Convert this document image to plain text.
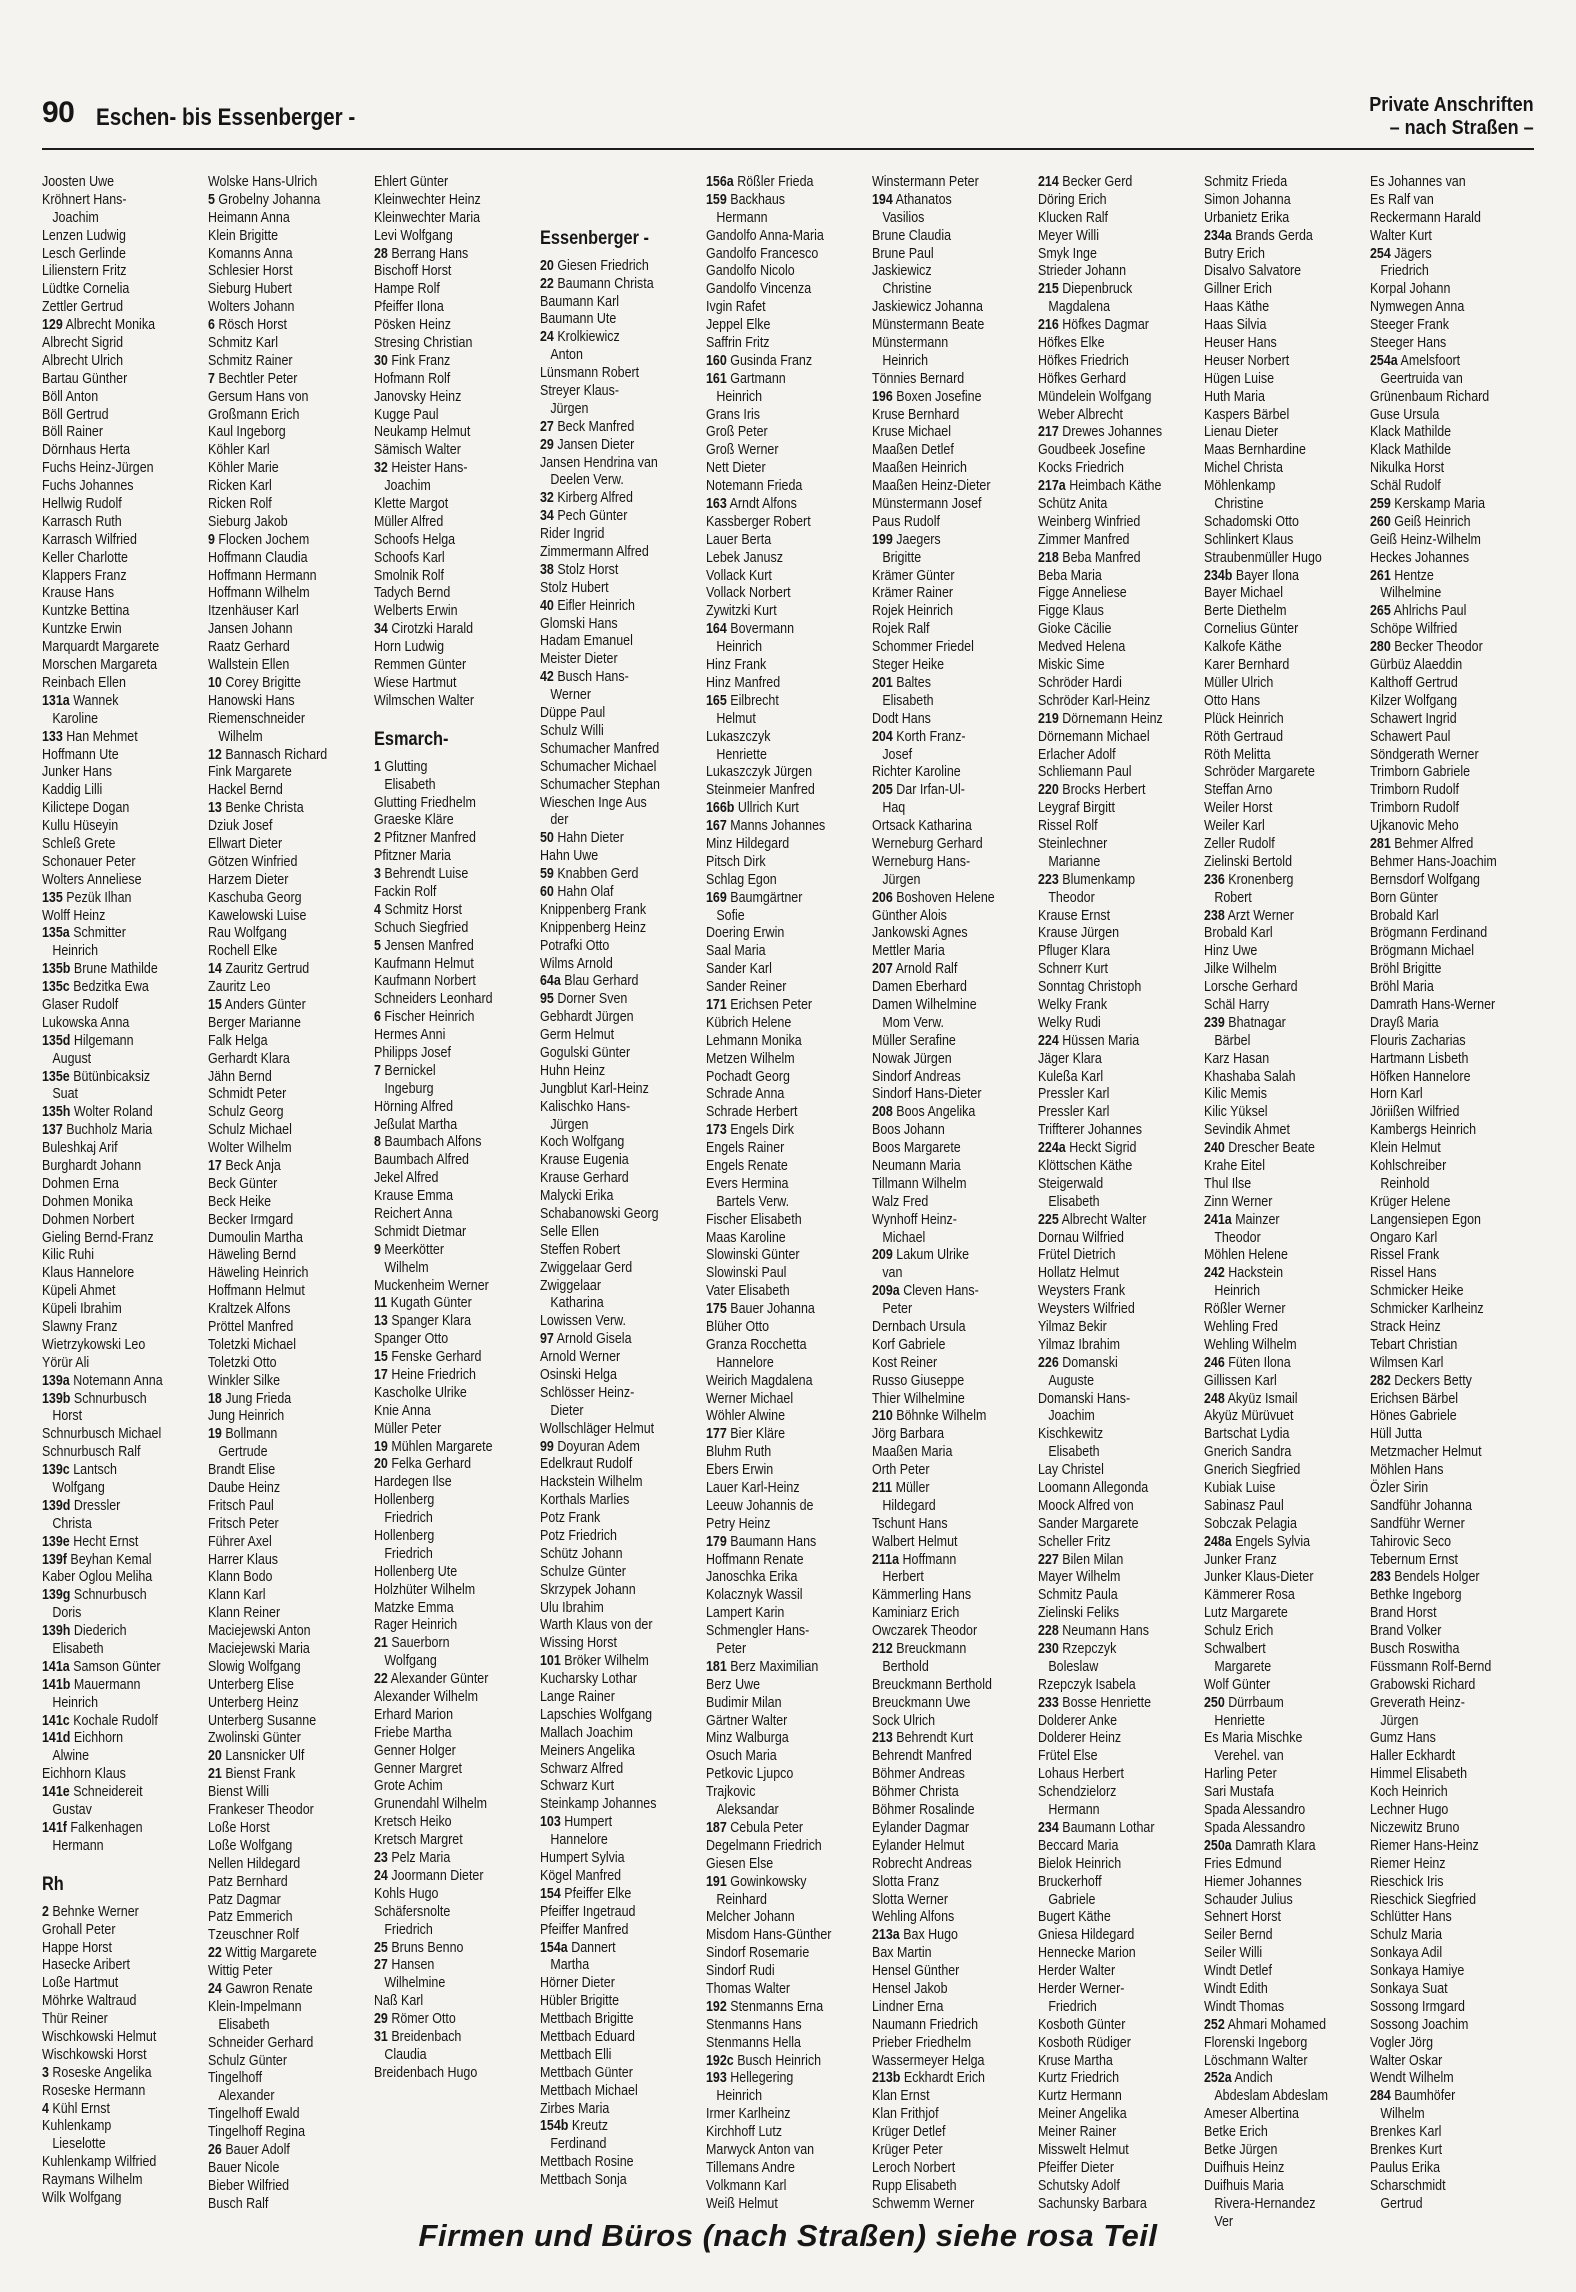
90 Eschen- bis Essenberger -	Private Anschriften
– nach Straßen –
Joosten Uwe
Kröhnert Hans-
Joachim
Lenzen Ludwig
Lesch Gerlinde
Lilienstern Fritz
Lüdtke Cornelia
Zettler Gertrud
129 Albrecht Monika
Albrecht Sigrid
Albrecht Ulrich
Bartau Günther
Böll Anton
Böll Gertrud
Böll Rainer
Dörnhaus Herta
Fuchs Heinz-Jürgen
Fuchs Johannes
Hellwig Rudolf
Karrasch Ruth
Karrasch Wilfried
Keller Charlotte
Klappers Franz
Krause Hans
Kuntzke Bettina
Kuntzke Erwin
Marquardt Margarete
Morschen Margareta
Reinbach Ellen
131a Wannek
Karoline
133 Han Mehmet
Hoffmann Ute
Junker Hans
Kaddig Lilli
Kilictepe Dogan
Kullu Hüseyin
Schleß Grete
Schonauer Peter
Wolters Anneliese
135 Pezük Ilhan
Wolff Heinz
135a Schmitter
Heinrich
135b Brune Mathilde
135c Bedzitka Ewa
Glaser Rudolf
Lukowska Anna
135d Hilgemann
August
135e Bütünbicaksiz
Suat
135h Wolter Roland
137 Buchholz Maria
Buleshkaj Arif
Burghardt Johann
Dohmen Erna
Dohmen Monika
Dohmen Norbert
Gieling Bernd-Franz
Kilic Ruhi
Klaus Hannelore
Küpeli Ahmet
Küpeli Ibrahim
Slawny Franz
Wietrzykowski Leo
Yörür Ali
139a Notemann Anna
139b Schnurbusch
Horst
Schnurbusch Michael
Schnurbusch Ralf
139c Lantsch
Wolfgang
139d Dressler
Christa
139e Hecht Ernst
139f Beyhan Kemal
Kaber Oglou Meliha
139g Schnurbusch
Doris
139h Diederich
Elisabeth
141a Samson Günter
141b Mauermann
Heinrich
141c Kochale Rudolf
141d Eichhorn
Alwine
Eichhorn Klaus
141e Schneidereit
Gustav
141f Falkenhagen
Hermann
Rh
2 Behnke Werner
Grohall Peter
Happe Horst
Hasecke Aribert
Loße Hartmut
Möhrke Waltraud
Thür Reiner
Wischkowski Helmut
Wischkowski Horst
3 Roseske Angelika
Roseske Hermann
4 Kühl Ernst
Kuhlenkamp
Lieselotte
Kuhlenkamp Wilfried
Raymans Wilhelm
Wilk Wolfgang
Wolske Hans-Ulrich
5 Grobelny Johanna
Heimann Anna
Klein Brigitte
Komanns Anna
Schlesier Horst
Sieburg Hubert
Wolters Johann
6 Rösch Horst
Schmitz Karl
Schmitz Rainer
7 Bechtler Peter
Gersum Hans von
Großmann Erich
Kaul Ingeborg
Köhler Karl
Köhler Marie
Ricken Karl
Ricken Rolf
Sieburg Jakob
9 Flocken Jochem
Hoffmann Claudia
Hoffmann Hermann
Hoffmann Wilhelm
Itzenhäuser Karl
Jansen Johann
Raatz Gerhard
Wallstein Ellen
10 Corey Brigitte
Hanowski Hans
Riemenschneider
Wilhelm
12 Bannasch Richard
Fink Margarete
Hackel Bernd
13 Benke Christa
Dziuk Josef
Ellwart Dieter
Götzen Winfried
Harzem Dieter
Kaschuba Georg
Kawelowski Luise
Rau Wolfgang
Rochell Elke
14 Zauritz Gertrud
Zauritz Leo
15 Anders Günter
Berger Marianne
Falk Helga
Gerhardt Klara
Jähn Bernd
Schmidt Peter
Schulz Georg
Schulz Michael
Wolter Wilhelm
17 Beck Anja
Beck Günter
Beck Heike
Becker Irmgard
Dumoulin Martha
Häweling Bernd
Häweling Heinrich
Hoffmann Helmut
Kraltzek Alfons
Pröttel Manfred
Toletzki Michael
Toletzki Otto
Winkler Silke
18 Jung Frieda
Jung Heinrich
19 Bollmann
Gertrude
Brandt Elise
Daube Heinz
Fritsch Paul
Fritsch Peter
Führer Axel
Harrer Klaus
Klann Bodo
Klann Karl
Klann Reiner
Maciejewski Anton
Maciejewski Maria
Slowig Wolfgang
Unterberg Elise
Unterberg Heinz
Unterberg Susanne
Zwolinski Günter
20 Lansnicker Ulf
21 Bienst Frank
Bienst Willi
Frankeser Theodor
Loße Horst
Loße Wolfgang
Nellen Hildegard
Patz Bernhard
Patz Dagmar
Patz Emmerich
Tzeuschner Rolf
22 Wittig Margarete
Wittig Peter
24 Gawron Renate
Klein-Impelmann
Elisabeth
Schneider Gerhard
Schulz Günter
Tingelhoff
Alexander
Tingelhoff Ewald
Tingelhoff Regina
26 Bauer Adolf
Bauer Nicole
Bieber Wilfried
Busch Ralf
Ehlert Günter
Kleinwechter Heinz
Kleinwechter Maria
Levi Wolfgang
28 Berrang Hans
Bischoff Horst
Hampe Rolf
Pfeiffer Ilona
Pösken Heinz
Stresing Christian
30 Fink Franz
Hofmann Rolf
Janovsky Heinz
Kugge Paul
Neukamp Helmut
Sämisch Walter
32 Heister Hans-
Joachim
Klette Margot
Müller Alfred
Schoofs Helga
Schoofs Karl
Smolnik Rolf
Tadych Bernd
Welberts Erwin
34 Cirotzki Harald
Horn Ludwig
Remmen Günter
Wiese Hartmut
Wilmschen Walter
Esmarch-
1 Glutting
Elisabeth
Glutting Friedhelm
Graeske Kläre
2 Pfitzner Manfred
Pfitzner Maria
3 Behrendt Luise
Fackin Rolf
4 Schmitz Horst
Schuch Siegfried
5 Jensen Manfred
Kaufmann Helmut
Kaufmann Norbert
Schneiders Leonhard
6 Fischer Heinrich
Hermes Anni
Philipps Josef
7 Bernickel
Ingeburg
Hörning Alfred
Jeßulat Martha
8 Baumbach Alfons
Baumbach Alfred
Jekel Alfred
Krause Emma
Reichert Anna
Schmidt Dietmar
9 Meerkötter
Wilhelm
Muckenheim Werner
11 Kugath Günter
13 Spanger Klara
Spanger Otto
15 Fenske Gerhard
17 Heine Friedrich
Kascholke Ulrike
Knie Anna
Müller Peter
19 Mühlen Margarete
20 Felka Gerhard
Hardegen Ilse
Hollenberg
Friedrich
Hollenberg
Friedrich
Hollenberg Ute
Holzhüter Wilhelm
Matzke Emma
Rager Heinrich
21 Sauerborn
Wolfgang
22 Alexander Günter
Alexander Wilhelm
Erhard Marion
Friebe Martha
Genner Holger
Genner Margret
Grote Achim
Grunendahl Wilhelm
Kretsch Heiko
Kretsch Margret
23 Pelz Maria
24 Joormann Dieter
Kohls Hugo
Schäfersnolte
Friedrich
25 Bruns Benno
27 Hansen
Wilhelmine
Naß Karl
29 Römer Otto
31 Breidenbach
Claudia
Breidenbach Hugo
Essenberger -
20 Giesen Friedrich
22 Baumann Christa
Baumann Karl
Baumann Ute
24 Krolkiewicz
Anton
Lünsmann Robert
Streyer Klaus-
Jürgen
27 Beck Manfred
29 Jansen Dieter
Jansen Hendrina van
Deelen Verw.
32 Kirberg Alfred
34 Pech Günter
Rider Ingrid
Zimmermann Alfred
38 Stolz Horst
Stolz Hubert
40 Eifler Heinrich
Glomski Hans
Hadam Emanuel
Meister Dieter
42 Busch Hans-
Werner
Düppe Paul
Schulz Willi
Schumacher Manfred
Schumacher Michael
Schumacher Stephan
Wieschen Inge Aus
der
50 Hahn Dieter
Hahn Uwe
59 Knabben Gerd
60 Hahn Olaf
Knippenberg Frank
Knippenberg Heinz
Potrafki Otto
Wilms Arnold
64a Blau Gerhard
95 Dorner Sven
Gebhardt Jürgen
Germ Helmut
Gogulski Günter
Huhn Heinz
Jungblut Karl-Heinz
Kalischko Hans-
Jürgen
Koch Wolfgang
Krause Eugenia
Krause Gerhard
Malycki Erika
Schabanowski Georg
Selle Ellen
Steffen Robert
Zwiggelaar Gerd
Zwiggelaar
Katharina
Lowissen Verw.
97 Arnold Gisela
Arnold Werner
Osinski Helga
Schlösser Heinz-
Dieter
Wollschläger Helmut
99 Doyuran Adem
Edelkraut Rudolf
Hackstein Wilhelm
Korthals Marlies
Potz Frank
Potz Friedrich
Schütz Johann
Schulze Günter
Skrzypek Johann
Ulu Ibrahim
Warth Klaus von der
Wissing Horst
101 Bröker Wilhelm
Kucharsky Lothar
Lange Rainer
Lapschies Wolfgang
Mallach Joachim
Meiners Angelika
Schwarz Alfred
Schwarz Kurt
Steinkamp Johannes
103 Humpert
Hannelore
Humpert Sylvia
Kögel Manfred
154 Pfeiffer Elke
Pfeiffer Ingetraud
Pfeiffer Manfred
154a Dannert
Martha
Hörner Dieter
Hübler Brigitte
Mettbach Brigitte
Mettbach Eduard
Mettbach Elli
Mettbach Günter
Mettbach Michael
Zirbes Maria
154b Kreutz
Ferdinand
Mettbach Rosine
Mettbach Sonja
156a Rößler Frieda
159 Backhaus
Hermann
Gandolfo Anna-Maria
Gandolfo Francesco
Gandolfo Nicolo
Gandolfo Vincenza
Ivgin Rafet
Jeppel Elke
Saffrin Fritz
160 Gusinda Franz
161 Gartmann
Heinrich
Grans Iris
Groß Peter
Groß Werner
Nett Dieter
Notemann Frieda
163 Arndt Alfons
Kassberger Robert
Lauer Berta
Lebek Janusz
Vollack Kurt
Vollack Norbert
Zywitzki Kurt
164 Bovermann
Heinrich
Hinz Frank
Hinz Manfred
165 Eilbrecht
Helmut
Lukaszczyk
Henriette
Lukaszczyk Jürgen
Steinmeier Manfred
166b Ullrich Kurt
167 Manns Johannes
Minz Hildegard
Pitsch Dirk
Schlag Egon
169 Baumgärtner
Sofie
Doering Erwin
Saal Maria
Sander Karl
Sander Reiner
171 Erichsen Peter
Kübrich Helene
Lehmann Monika
Metzen Wilhelm
Pochadt Georg
Schrade Anna
Schrade Herbert
173 Engels Dirk
Engels Rainer
Engels Renate
Evers Hermina
Bartels Verw.
Fischer Elisabeth
Maas Karoline
Slowinski Günter
Slowinski Paul
Vater Elisabeth
175 Bauer Johanna
Blüher Otto
Granza Rocchetta
Hannelore
Weirich Magdalena
Werner Michael
Wöhler Alwine
177 Bier Kläre
Bluhm Ruth
Ebers Erwin
Lauer Karl-Heinz
Leeuw Johannis de
Petry Heinz
179 Baumann Hans
Hoffmann Renate
Janoschka Erika
Kolacznyk Wassil
Lampert Karin
Schmengler Hans-
Peter
181 Berz Maximilian
Berz Uwe
Budimir Milan
Gärtner Walter
Minz Walburga
Osuch Maria
Petkovic Ljupco
Trajkovic
Aleksandar
187 Cebula Peter
Degelmann Friedrich
Giesen Else
191 Gowinkowsky
Reinhard
Melcher Johann
Misdom Hans-Günther
Sindorf Rosemarie
Sindorf Rudi
Thomas Walter
192 Stenmanns Erna
Stenmanns Hans
Stenmanns Hella
192c Busch Heinrich
193 Hellegering
Heinrich
Irmer Karlheinz
Kirchhoff Lutz
Marwyck Anton van
Tillemans Andre
Volkmann Karl
Weiß Helmut
Winstermann Peter
194 Athanatos
Vasilios
Brune Claudia
Brune Paul
Jaskiewicz
Christine
Jaskiewicz Johanna
Münstermann Beate
Münstermann
Heinrich
Tönnies Bernard
196 Boxen Josefine
Kruse Bernhard
Kruse Michael
Maaßen Detlef
Maaßen Heinrich
Maaßen Heinz-Dieter
Münstermann Josef
Paus Rudolf
199 Jaegers
Brigitte
Krämer Günter
Krämer Rainer
Rojek Heinrich
Rojek Ralf
Schommer Friedel
Steger Heike
201 Baltes
Elisabeth
Dodt Hans
204 Korth Franz-
Josef
Richter Karoline
205 Dar Irfan-Ul-
Haq
Ortsack Katharina
Werneburg Gerhard
Werneburg Hans-
Jürgen
206 Boshoven Helene
Günther Alois
Jankowski Agnes
Mettler Maria
207 Arnold Ralf
Damen Eberhard
Damen Wilhelmine
Mom Verw.
Müller Serafine
Nowak Jürgen
Sindorf Andreas
Sindorf Hans-Dieter
208 Boos Angelika
Boos Johann
Boos Margarete
Neumann Maria
Tillmann Wilhelm
Walz Fred
Wynhoff Heinz-
Michael
209 Lakum Ulrike
van
209a Cleven Hans-
Peter
Dernbach Ursula
Korf Gabriele
Kost Reiner
Russo Giuseppe
Thier Wilhelmine
210 Böhnke Wilhelm
Jörg Barbara
Maaßen Maria
Orth Peter
211 Müller
Hildegard
Tschunt Hans
Walbert Helmut
211a Hoffmann
Herbert
Kämmerling Hans
Kaminiarz Erich
Owczarek Theodor
212 Breuckmann
Berthold
Breuckmann Berthold
Breuckmann Uwe
Sock Ulrich
213 Behrendt Kurt
Behrendt Manfred
Böhmer Andreas
Böhmer Christa
Böhmer Rosalinde
Eylander Dagmar
Eylander Helmut
Robrecht Andreas
Slotta Franz
Slotta Werner
Wehling Alfons
213a Bax Hugo
Bax Martin
Hensel Günther
Hensel Jakob
Lindner Erna
Naumann Friedrich
Prieber Friedhelm
Wassermeyer Helga
213b Eckhardt Erich
Klan Ernst
Klan Frithjof
Krüger Detlef
Krüger Peter
Leroch Norbert
Rupp Elisabeth
Schwemm Werner
214 Becker Gerd
Döring Erich
Klucken Ralf
Meyer Willi
Smyk Inge
Strieder Johann
215 Diepenbruck
Magdalena
216 Höfkes Dagmar
Höfkes Elke
Höfkes Friedrich
Höfkes Gerhard
Mündelein Wolfgang
Weber Albrecht
217 Drewes Johannes
Goudbeek Josefine
Kocks Friedrich
217a Heimbach Käthe
Schütz Anita
Weinberg Winfried
Zimmer Manfred
218 Beba Manfred
Beba Maria
Figge Anneliese
Figge Klaus
Gioke Cäcilie
Medved Helena
Miskic Sime
Schröder Hardi
Schröder Karl-Heinz
219 Dörnemann Heinz
Dörnemann Michael
Erlacher Adolf
Schliemann Paul
220 Brocks Herbert
Leygraf Birgitt
Rissel Rolf
Steinlechner
Marianne
223 Blumenkamp
Theodor
Krause Ernst
Krause Jürgen
Pfluger Klara
Schnerr Kurt
Sonntag Christoph
Welky Frank
Welky Rudi
224 Hüssen Maria
Jäger Klara
Kuleßa Karl
Pressler Karl
Pressler Karl
Triffterer Johannes
224a Heckt Sigrid
Klöttschen Käthe
Steigerwald
Elisabeth
225 Albrecht Walter
Dornau Wilfried
Frütel Dietrich
Hollatz Helmut
Weysters Frank
Weysters Wilfried
Yilmaz Bekir
Yilmaz Ibrahim
226 Domanski
Auguste
Domanski Hans-
Joachim
Kischkewitz
Elisabeth
Lay Christel
Loomann Allegonda
Moock Alfred von
Sander Margarete
Scheller Fritz
227 Bilen Milan
Mayer Wilhelm
Schmitz Paula
Zielinski Feliks
228 Neumann Hans
230 Rzepczyk
Boleslaw
Rzepczyk Isabela
233 Bosse Henriette
Dolderer Anke
Dolderer Heinz
Frütel Else
Lohaus Herbert
Schendzielorz
Hermann
234 Baumann Lothar
Beccard Maria
Bielok Heinrich
Bruckerhoff
Gabriele
Bugert Käthe
Gniesa Hildegard
Hennecke Marion
Herder Walter
Herder Werner-
Friedrich
Kosboth Günter
Kosboth Rüdiger
Kruse Martha
Kurtz Friedrich
Kurtz Hermann
Meiner Angelika
Meiner Rainer
Misswelt Helmut
Pfeiffer Dieter
Schutsky Adolf
Sachunsky Barbara
Schmitz Frieda
Simon Johanna
Urbanietz Erika
234a Brands Gerda
Butry Erich
Disalvo Salvatore
Gillner Erich
Haas Käthe
Haas Silvia
Heuser Hans
Heuser Norbert
Hügen Luise
Huth Maria
Kaspers Bärbel
Lienau Dieter
Maas Bernhardine
Michel Christa
Möhlenkamp
Christine
Schadomski Otto
Schlinkert Klaus
Straubenmüller Hugo
234b Bayer Ilona
Bayer Michael
Berte Diethelm
Cornelius Günter
Kalkofe Käthe
Karer Bernhard
Müller Ulrich
Otto Hans
Plück Heinrich
Röth Gertraud
Röth Melitta
Schröder Margarete
Steffan Arno
Weiler Horst
Weiler Karl
Zeller Rudolf
Zielinski Bertold
236 Kronenberg
Robert
238 Arzt Werner
Brobald Karl
Hinz Uwe
Jilke Wilhelm
Lorsche Gerhard
Schäl Harry
239 Bhatnagar
Bärbel
Karz Hasan
Khashaba Salah
Kilic Memis
Kilic Yüksel
Sevindik Ahmet
240 Drescher Beate
Krahe Eitel
Thul Ilse
Zinn Werner
241a Mainzer
Theodor
Möhlen Helene
242 Hackstein
Heinrich
Rößler Werner
Wehling Fred
Wehling Wilhelm
246 Füten Ilona
Gillissen Karl
248 Akyüz Ismail
Akyüz Mürüvuet
Bartschat Lydia
Gnerich Sandra
Gnerich Siegfried
Kubiak Luise
Sabinasz Paul
Sobczak Pelagia
248a Engels Sylvia
Junker Franz
Junker Klaus-Dieter
Kämmerer Rosa
Lutz Margarete
Schulz Erich
Schwalbert
Margarete
Wolf Günter
250 Dürrbaum
Henriette
Es Maria Mischke
Verehel. van
Harling Peter
Sari Mustafa
Spada Alessandro
Spada Alessandro
250a Damrath Klara
Fries Edmund
Hiemer Johannes
Schauder Julius
Sehnert Horst
Seiler Bernd
Seiler Willi
Windt Detlef
Windt Edith
Windt Thomas
252 Ahmari Mohamed
Florenski Ingeborg
Löschmann Walter
252a Andich
Abdeslam Abdeslam
Ameser Albertina
Betke Erich
Betke Jürgen
Duifhuis Heinz
Duifhuis Maria
Rivera-Hernandez
Ver
Es Johannes van
Es Ralf van
Reckermann Harald
Walter Kurt
254 Jägers
Friedrich
Korpal Johann
Nymwegen Anna
Steeger Frank
Steeger Hans
254a Amelsfoort
Geertruida van
Grünenbaum Richard
Guse Ursula
Klack Mathilde
Klack Mathilde
Nikulka Horst
Schäl Rudolf
259 Kerskamp Maria
260 Geiß Heinrich
Geiß Heinz-Wilhelm
Heckes Johannes
261 Hentze
Wilhelmine
265 Ahlrichs Paul
Schöpe Wilfried
280 Becker Theodor
Gürbüz Alaeddin
Kalthoff Gertrud
Kilzer Wolfgang
Schawert Ingrid
Schawert Paul
Söndgerath Werner
Trimborn Gabriele
Trimborn Rudolf
Trimborn Rudolf
Ujkanovic Meho
281 Behmer Alfred
Behmer Hans-Joachim
Bernsdorf Wolfgang
Born Günter
Brobald Karl
Brögmann Ferdinand
Brögmann Michael
Bröhl Brigitte
Bröhl Maria
Damrath Hans-Werner
Drayß Maria
Flouris Zacharias
Hartmann Lisbeth
Höfken Hannelore
Horn Karl
Jöriißen Wilfried
Kambergs Heinrich
Klein Helmut
Kohlschreiber
Reinhold
Krüger Helene
Langensiepen Egon
Ongaro Karl
Rissel Frank
Rissel Hans
Schmicker Heike
Schmicker Karlheinz
Strack Heinz
Tebart Christian
Wilmsen Karl
282 Deckers Betty
Erichsen Bärbel
Hönes Gabriele
Hüll Jutta
Metzmacher Helmut
Möhlen Hans
Özler Sirin
Sandführ Johanna
Sandführ Werner
Tahirovic Seco
Tebernum Ernst
283 Bendels Holger
Bethke Ingeborg
Brand Horst
Brand Volker
Busch Roswitha
Füssmann Rolf-Bernd
Grabowski Richard
Greverath Heinz-
Jürgen
Gumz Hans
Haller Eckhardt
Himmel Elisabeth
Koch Heinrich
Lechner Hugo
Niczewitz Bruno
Riemer Hans-Heinz
Riemer Heinz
Rieschick Iris
Rieschick Siegfried
Schlütter Hans
Schulz Maria
Sonkaya Adil
Sonkaya Hamiye
Sonkaya Suat
Sossong Irmgard
Sossong Joachim
Vogler Jörg
Walter Oskar
Wendt Wilhelm
284 Baumhöfer
Wilhelm
Brenkes Karl
Brenkes Kurt
Paulus Erika
Scharschmidt
Gertrud
Firmen und Büros (nach Straßen) siehe rosa Teil
